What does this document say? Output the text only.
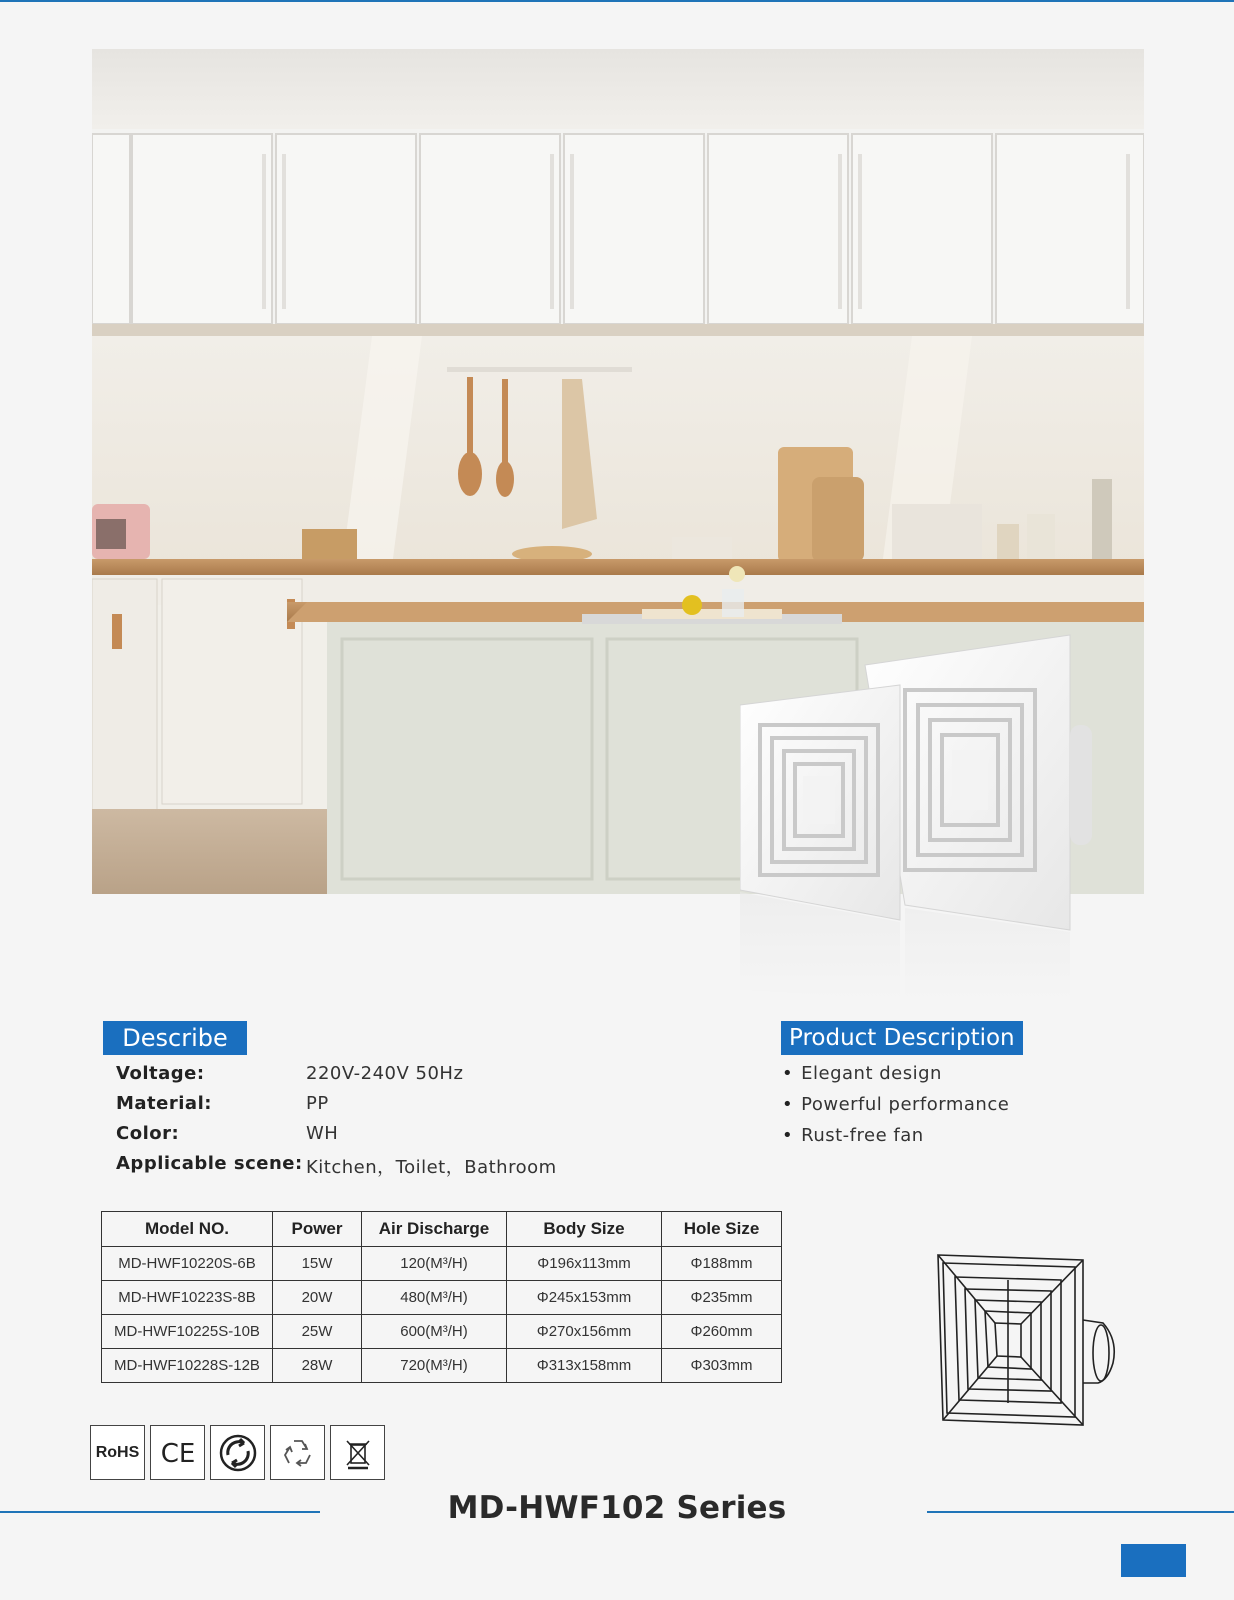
Describe
Voltage:	220V-240V 50Hz
Material:	PP
Color:	WH
Applicable scene: Kitchen，Toilet，Bathroom
Product Description
• Elegant design
• Powerful performance
• Rust-free fan
Model NO.	Power	Air Discharge	Body Size	Hole Size
MD-HWF10220S-6B	15W	120(M³/H)	Φ196x113mm	Φ188mm
MD-HWF10223S-8B	20W	480(M³/H)	Φ245x153mm	Φ235mm
MD-HWF10225S-10B	25W	600(M³/H)	Φ270x156mm	Φ260mm
MD-HWF10228S-12B	28W	720(M³/H)	Φ313x158mm	Φ303mm
RoHS CE
MD-HWF102 Series
